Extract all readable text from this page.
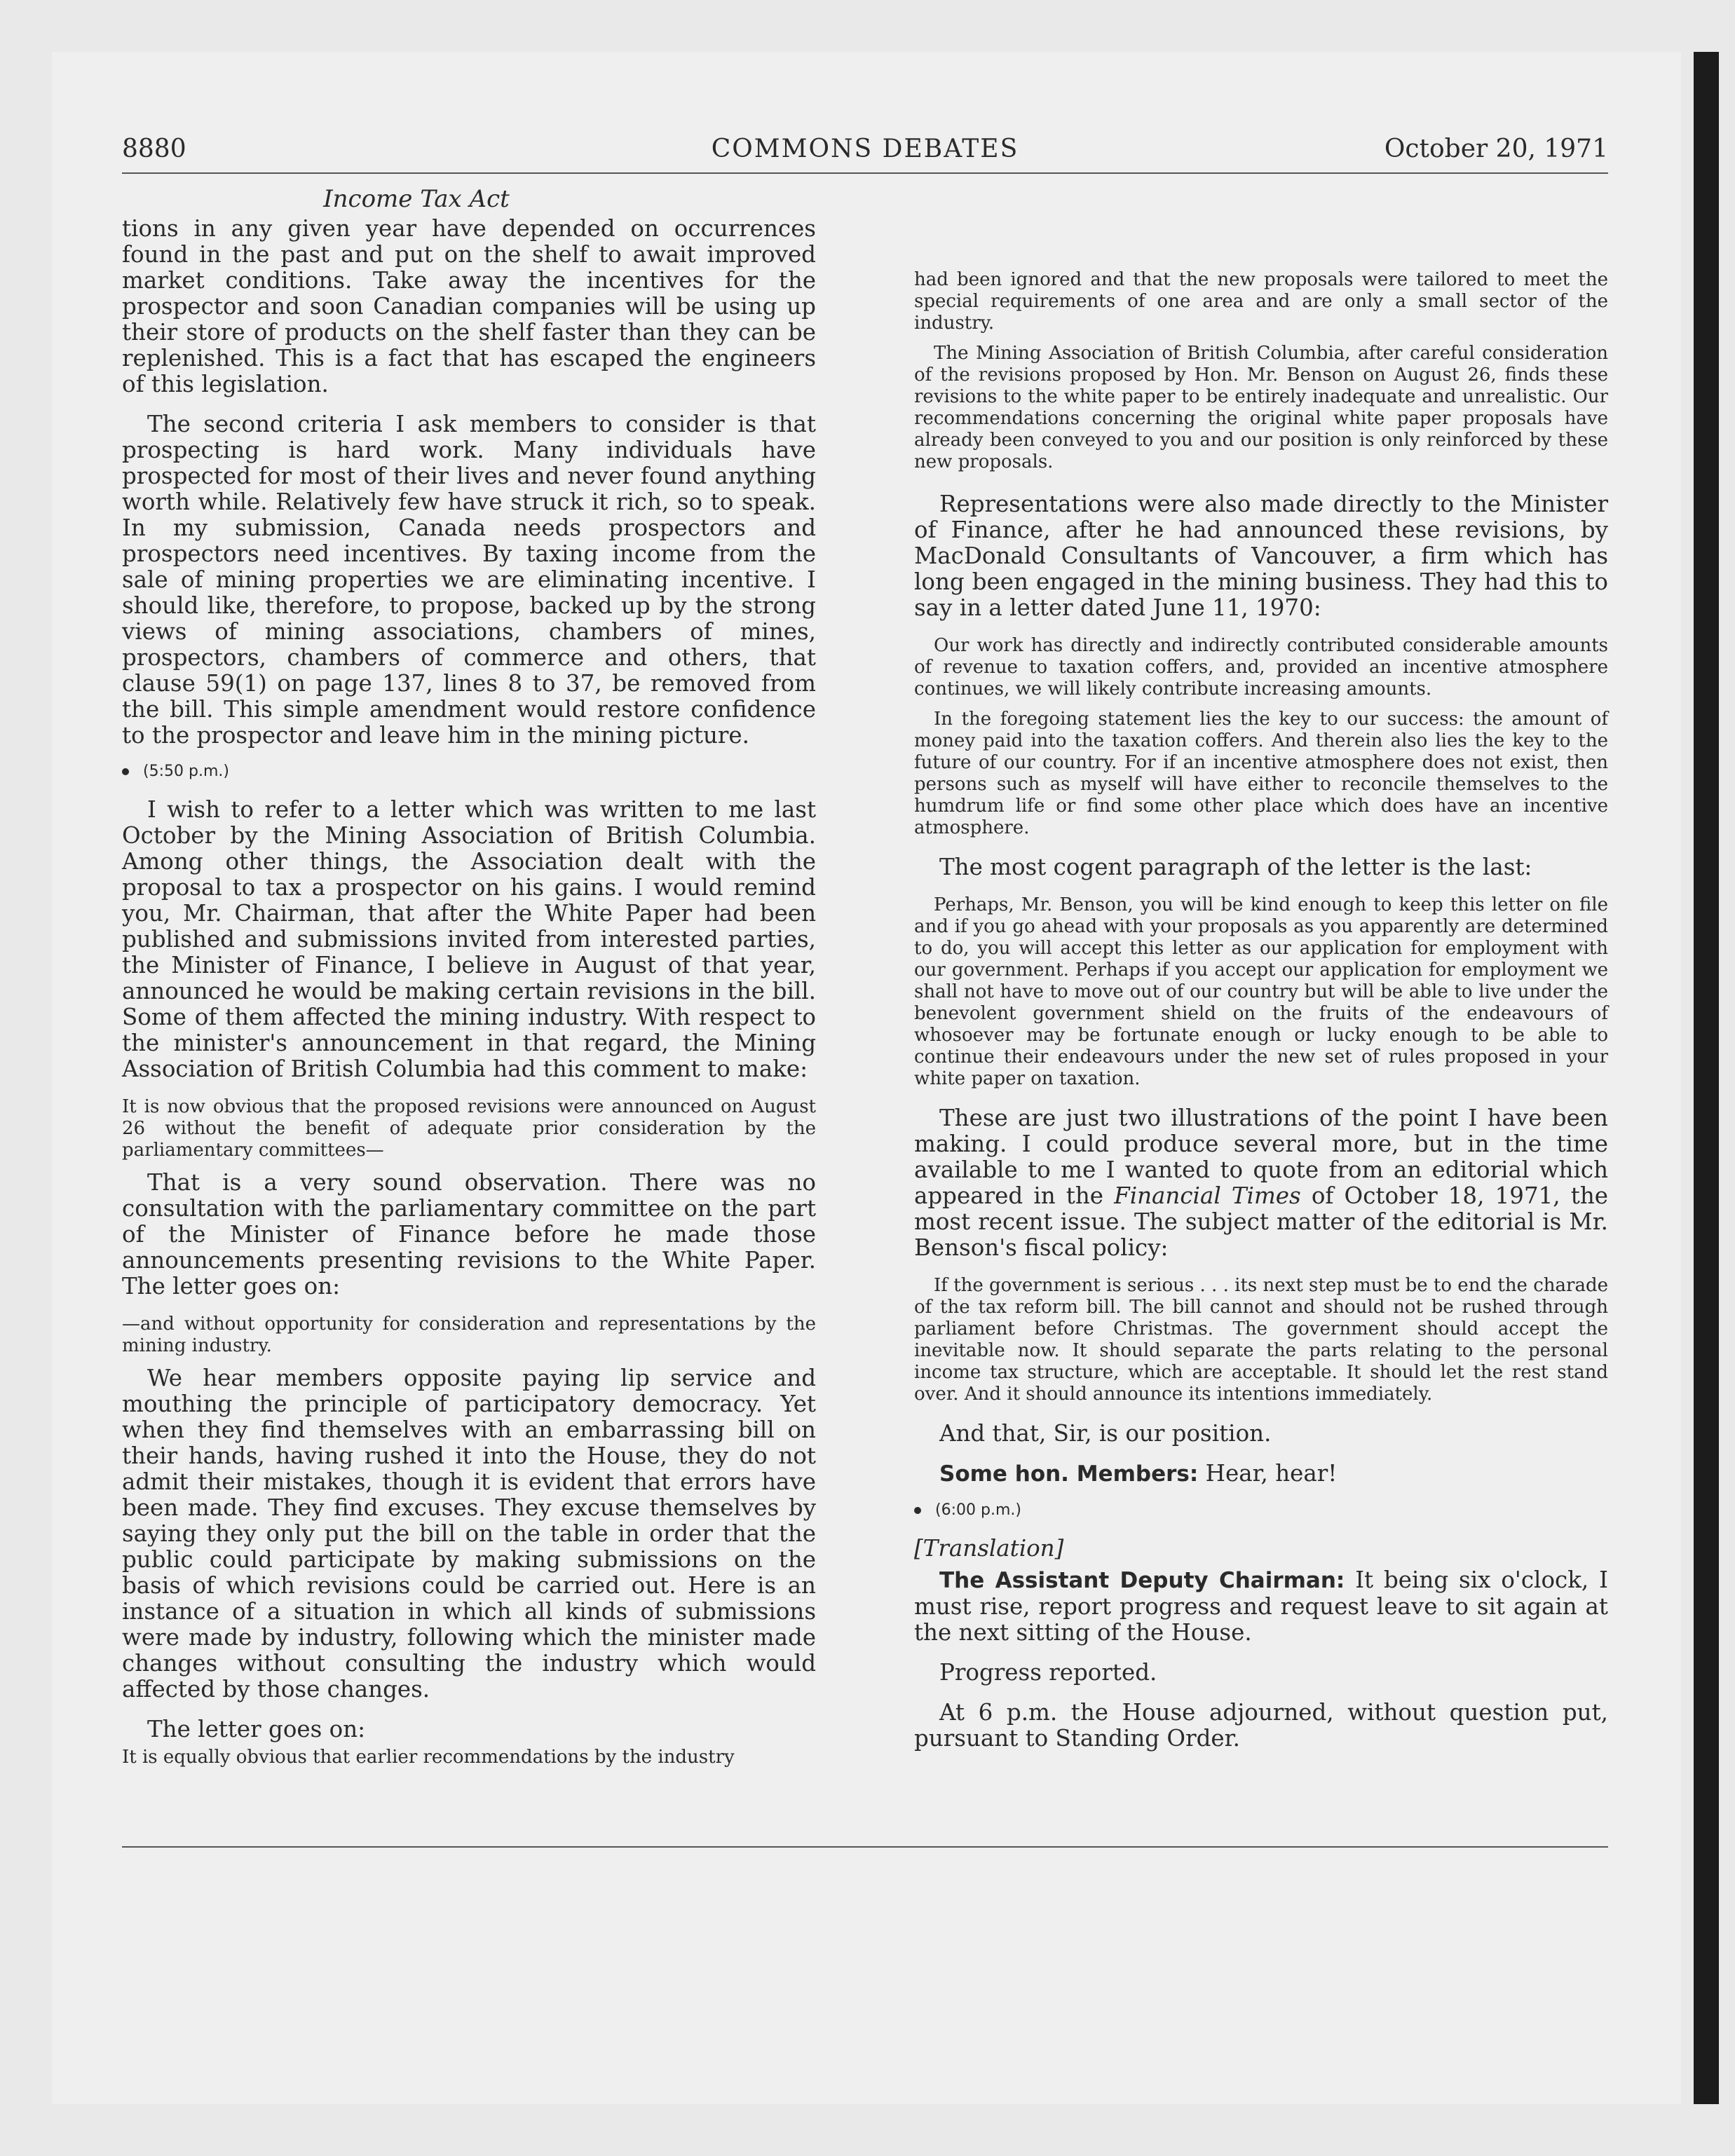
8880	COMMONS DEBATES	October 20, 1971
Income Tax Act

tions in any given year have depended on occurrences found in the past and put on the shelf to await improved market conditions. Take away the incentives for the prospector and soon Canadian companies will be using up their store of products on the shelf faster than they can be replenished. This is a fact that has escaped the engineers of this legislation.

The second criteria I ask members to consider is that prospecting is hard work. Many individuals have prospected for most of their lives and never found anything worth while. Relatively few have struck it rich, so to speak. In my submission, Canada needs prospectors and prospectors need incentives. By taxing income from the sale of mining properties we are eliminating incentive. I should like, therefore, to propose, backed up by the strong views of mining associations, chambers of mines, prospectors, chambers of commerce and others, that clause 59(1) on page 137, lines 8 to 37, be removed from the bill. This simple amendment would restore confidence to the prospector and leave him in the mining picture.

(5:50 p.m.)

I wish to refer to a letter which was written to me last October by the Mining Association of British Columbia. Among other things, the Association dealt with the proposal to tax a prospector on his gains. I would remind you, Mr. Chairman, that after the White Paper had been published and submissions invited from interested parties, the Minister of Finance, I believe in August of that year, announced he would be making certain revisions in the bill. Some of them affected the mining industry. With respect to the minister's announcement in that regard, the Mining Association of British Columbia had this comment to make:

It is now obvious that the proposed revisions were announced on August 26 without the benefit of adequate prior consideration by the parliamentary committees—

That is a very sound observation. There was no consultation with the parliamentary committee on the part of the Minister of Finance before he made those announcements presenting revisions to the White Paper. The letter goes on:

—and without opportunity for consideration and representations by the mining industry.

We hear members opposite paying lip service and mouthing the principle of participatory democracy. Yet when they find themselves with an embarrassing bill on their hands, having rushed it into the House, they do not admit their mistakes, though it is evident that errors have been made. They find excuses. They excuse themselves by saying they only put the bill on the table in order that the public could participate by making submissions on the basis of which revisions could be carried out. Here is an instance of a situation in which all kinds of submissions were made by industry, following which the minister made changes without consulting the industry which would affected by those changes.

The letter goes on:

It is equally obvious that earlier recommendations by the industry

had been ignored and that the new proposals were tailored to meet the special requirements of one area and are only a small sector of the industry.

The Mining Association of British Columbia, after careful consideration of the revisions proposed by Hon. Mr. Benson on August 26, finds these revisions to the white paper to be entirely inadequate and unrealistic. Our recommendations concerning the original white paper proposals have already been conveyed to you and our position is only reinforced by these new proposals.

Representations were also made directly to the Minister of Finance, after he had announced these revisions, by MacDonald Consultants of Vancouver, a firm which has long been engaged in the mining business. They had this to say in a letter dated June 11, 1970:

Our work has directly and indirectly contributed considerable amounts of revenue to taxation coffers, and, provided an incentive atmosphere continues, we will likely contribute increasing amounts.

In the foregoing statement lies the key to our success: the amount of money paid into the taxation coffers. And therein also lies the key to the future of our country. For if an incentive atmosphere does not exist, then persons such as myself will have either to reconcile themselves to the humdrum life or find some other place which does have an incentive atmosphere.

The most cogent paragraph of the letter is the last:

Perhaps, Mr. Benson, you will be kind enough to keep this letter on file and if you go ahead with your proposals as you apparently are determined to do, you will accept this letter as our application for employment with our government. Perhaps if you accept our application for employment we shall not have to move out of our country but will be able to live under the benevolent government shield on the fruits of the endeavours of whosoever may be fortunate enough or lucky enough to be able to continue their endeavours under the new set of rules proposed in your white paper on taxation.

These are just two illustrations of the point I have been making. I could produce several more, but in the time available to me I wanted to quote from an editorial which appeared in the Financial Times of October 18, 1971, the most recent issue. The subject matter of the editorial is Mr. Benson's fiscal policy:

If the government is serious . . . its next step must be to end the charade of the tax reform bill. The bill cannot and should not be rushed through parliament before Christmas. The government should accept the inevitable now. It should separate the parts relating to the personal income tax structure, which are acceptable. It should let the rest stand over. And it should announce its intentions immediately.

And that, Sir, is our position.

Some hon. Members: Hear, hear!

(6:00 p.m.)

[Translation]

The Assistant Deputy Chairman: It being six o'clock, I must rise, report progress and request leave to sit again at the next sitting of the House.

Progress reported.

At 6 p.m. the House adjourned, without question put, pursuant to Standing Order.
